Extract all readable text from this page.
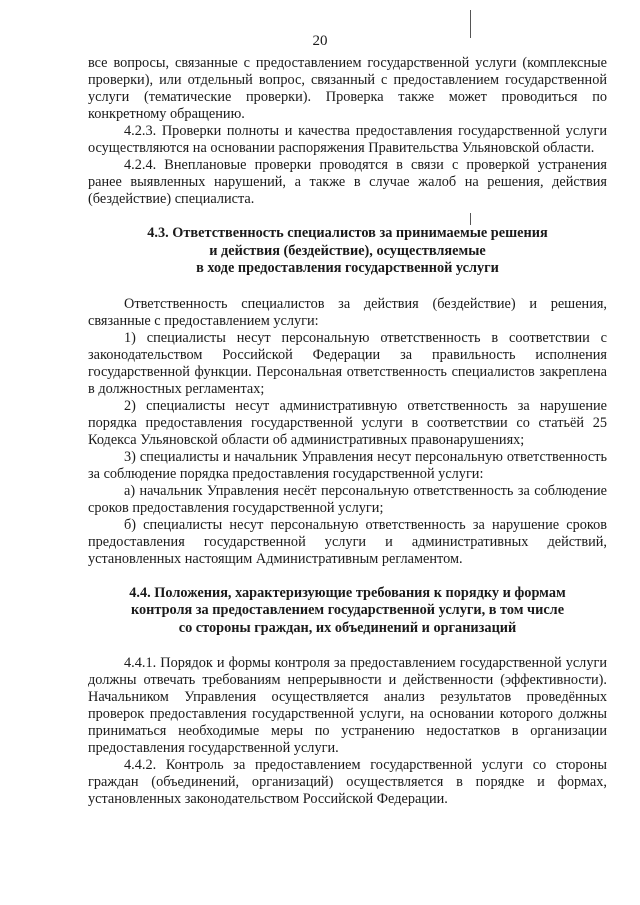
20

все вопросы, связанные с предоставлением государственной услуги (комплексные проверки), или отдельный вопрос, связанный с предоставлением государственной услуги (тематические проверки). Проверка также может проводиться по конкретному обращению.

4.2.3. Проверки полноты и качества предоставления государственной услуги осуществляются на основании распоряжения Правительства Ульяновской области.

4.2.4. Внеплановые проверки проводятся в связи с проверкой устранения ранее выявленных нарушений, а также в случае жалоб на решения, действия (бездействие) специалиста.

4.3. Ответственность специалистов за принимаемые решения
и действия (бездействие), осуществляемые
в ходе предоставления государственной услуги

Ответственность специалистов за действия (бездействие) и решения, связанные с предоставлением услуги:

1) специалисты несут персональную ответственность в соответствии с законодательством Российской Федерации за правильность исполнения государственной функции. Персональная ответственность специалистов закреплена в должностных регламентах;

2) специалисты несут административную ответственность за нарушение порядка предоставления государственной услуги в соответствии со статьёй 25 Кодекса Ульяновской области об административных правонарушениях;

3) специалисты и начальник Управления несут персональную ответственность за соблюдение порядка предоставления государственной услуги:

а) начальник Управления несёт персональную ответственность за соблюдение сроков предоставления государственной услуги;

б) специалисты несут персональную ответственность за нарушение сроков предоставления государственной услуги и административных действий, установленных настоящим Административным регламентом.

4.4. Положения, характеризующие требования к порядку и формам
контроля за предоставлением государственной услуги, в том числе
со стороны граждан, их объединений и организаций

4.4.1. Порядок и формы контроля за предоставлением государственной услуги должны отвечать требованиям непрерывности и действенности (эффективности). Начальником Управления осуществляется анализ результатов проведённых проверок предоставления государственной услуги, на основании которого должны приниматься необходимые меры по устранению недостатков в организации предоставления государственной услуги.

4.4.2. Контроль за предоставлением государственной услуги со стороны граждан (объединений, организаций) осуществляется в порядке и формах, установленных законодательством Российской Федерации.
